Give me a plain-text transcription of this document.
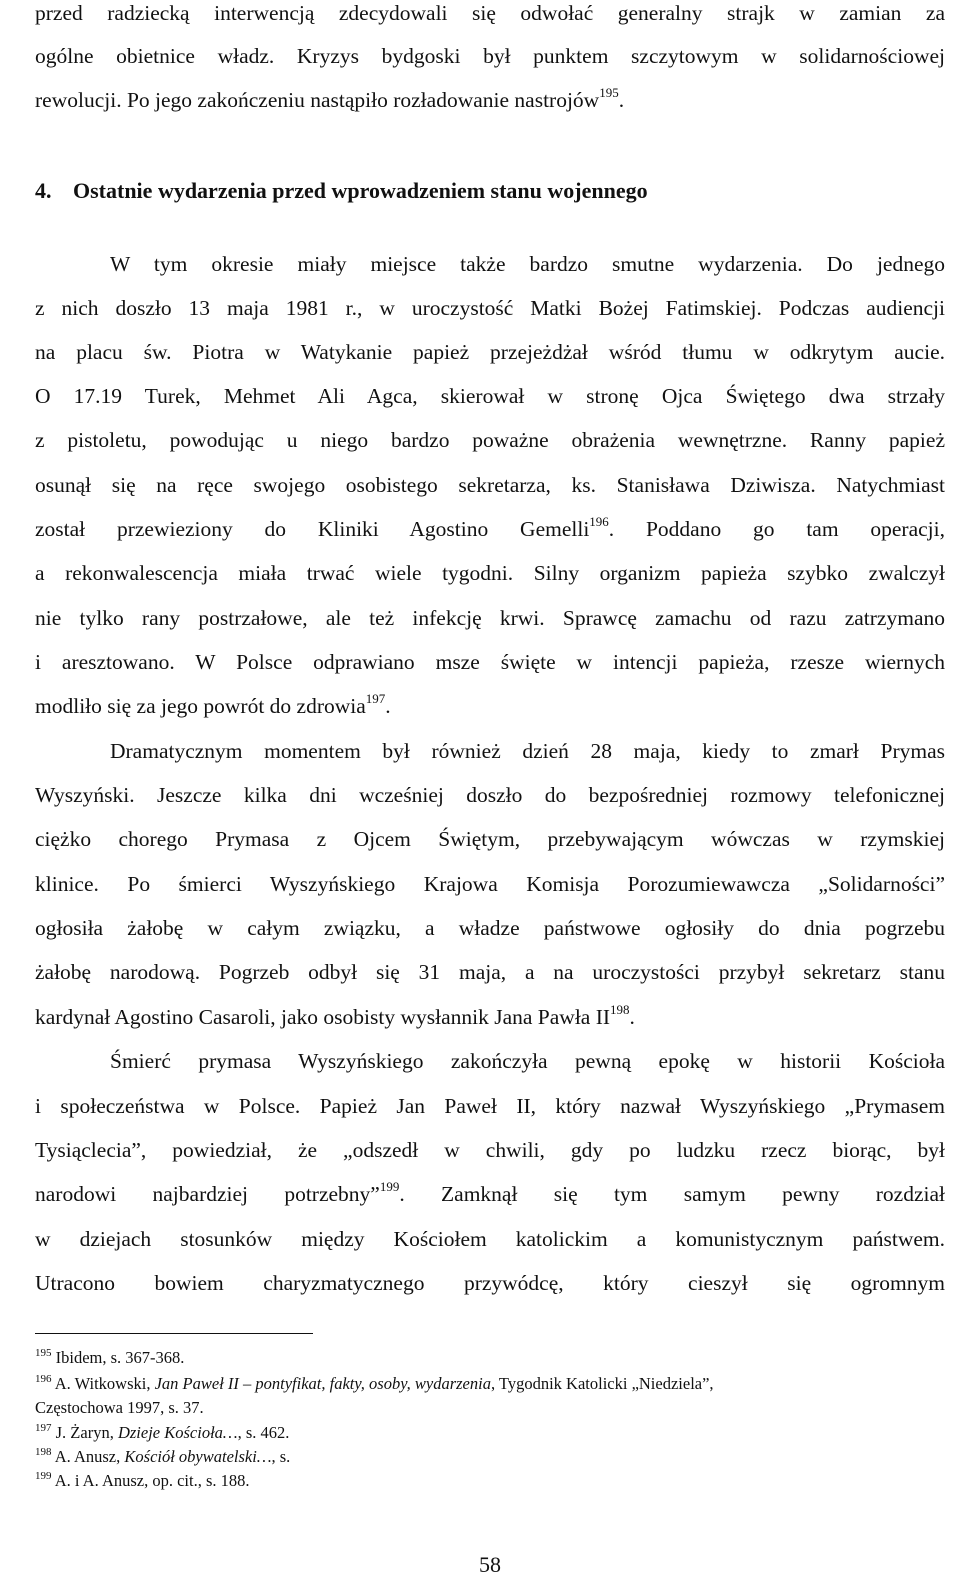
przed radziecką interwencją zdecydowali się odwołać generalny strajk w zamian za
ogólne obietnice władz. Kryzys bydgoski był punktem szczytowym w solidarnościowej
rewolucji. Po jego zakończeniu nastąpiło rozładowanie nastrojów$^{195}$.
4. Ostatnie wydarzenia przed wprowadzeniem stanu wojennego
W tym okresie miały miejsce także bardzo smutne wydarzenia. Do jednego
z nich doszło 13 maja 1981 r., w uroczystość Matki Bożej Fatimskiej. Podczas audiencji
na placu św. Piotra w Watykanie papież przejeżdżał wśród tłumu w odkrytym aucie.
O 17.19 Turek, Mehmet Ali Agca, skierował w stronę Ojca Świętego dwa strzały
z pistoletu, powodując u niego bardzo poważne obrażenia wewnętrzne. Ranny papież
osunął się na ręce swojego osobistego sekretarza, ks. Stanisława Dziwisza. Natychmiast
został przewieziony do Kliniki Agostino Gemelli$^{196}$. Poddano go tam operacji,
a rekonwalescencja miała trwać wiele tygodni. Silny organizm papieża szybko zwalczył
nie tylko rany postrzałowe, ale też infekcję krwi. Sprawcę zamachu od razu zatrzymano
i aresztowano. W Polsce odprawiano msze święte w intencji papieża, rzesze wiernych
modliło się za jego powrót do zdrowia$^{197}$.
Dramatycznym momentem był również dzień 28 maja, kiedy to zmarł Prymas
Wyszyński. Jeszcze kilka dni wcześniej doszło do bezpośredniej rozmowy telefonicznej
ciężko chorego Prymasa z Ojcem Świętym, przebywającym wówczas w rzymskiej
klinice. Po śmierci Wyszyńskiego Krajowa Komisja Porozumiewawcza „Solidarności”
ogłosiła żałobę w całym związku, a władze państwowe ogłosiły do dnia pogrzebu
żałobę narodową. Pogrzeb odbył się 31 maja, a na uroczystości przybył sekretarz stanu
kardynał Agostino Casaroli, jako osobisty wysłannik Jana Pawła II$^{198}$.
Śmierć prymasa Wyszyńskiego zakończyła pewną epokę w historii Kościoła
i społeczeństwa w Polsce. Papież Jan Paweł II, który nazwał Wyszyńskiego „Prymasem
Tysiąclecia”, powiedział, że „odszedł w chwili, gdy po ludzku rzecz biorąc, był
narodowi najbardziej potrzebny”$^{199}$. Zamknął się tym samym pewny rozdział
w dziejach stosunków między Kościołem katolickim a komunistycznym państwem.
Utracono bowiem charyzmatycznego przywódcę, który cieszył się ogromnym
$^{195}$ Ibidem, s. 367-368.
$^{196}$ A. Witkowski, Jan Paweł II – pontyfikat, fakty, osoby, wydarzenia, Tygodnik Katolicki „Niedziela”,
Częstochowa 1997, s. 37.
$^{197}$ J. Żaryn, Dzieje Kościoła…, s. 462.
$^{198}$ A. Anusz, Kościół obywatelski…, s.
$^{199}$ A. i A. Anusz, op. cit., s. 188.
58
